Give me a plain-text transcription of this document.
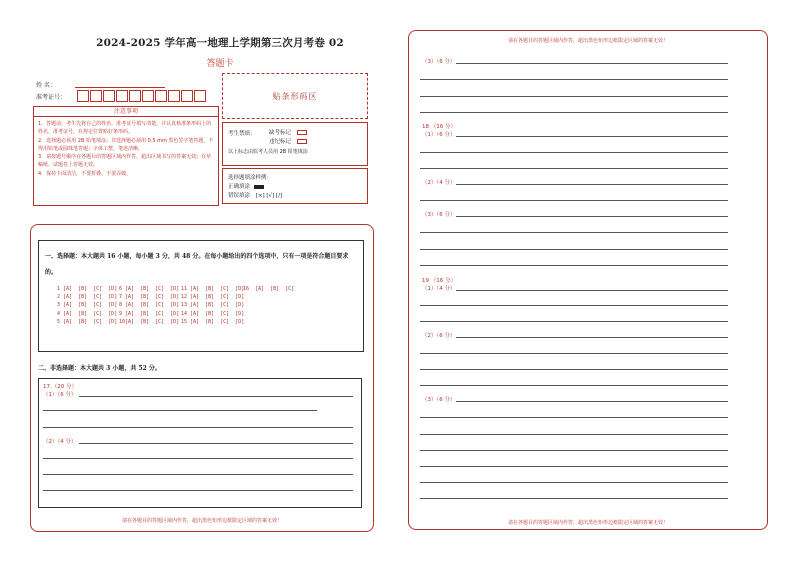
2024-2025 学年高一地理上学期第三次月考卷 02
答题卡
姓 名：
准考证号：	贴条形码区
注意事项
1．答题前，考生先将自己的姓名、准考证号填写清楚，并认真核准条形码上的姓名、准考证号，在规定位置贴好条形码。
2．选择题必须用 2B 铅笔填涂；非选择题必须用 0.5 mm 黑色签字笔答题，不得用铅笔或圆珠笔答题；字体工整、笔迹清晰。
3．请按题号顺序在各题目的答题区域内作答，超出区域书写的答案无效；在草稿纸、试题卷上答题无效。
4．保持卡面清洁，不要折叠、不要弄破。
考生禁填： 缺考标记
违纪标记
以上标志由监考人员用 2B 铅笔填涂
选择题填涂样例：
正确填涂
错误填涂 [×] [√] [/]
请在各题目的答题区域内作答，超出黑色矩形边框限定区域的答案无效！
一、选择题：本大题共 16 小题，每小题 3 分，共 48 分。在每小题给出的四个选项中，只有一项是符合题目要求的。
1 [A]  [B]  [C]  [D] 6 [A]  [B]  [C]  [D] 11 [A]  [B]  [C]  [D]
16  [A]  [B]  [C]
2 [A]  [B]  [C]  [D] 7 [A]  [B]  [C]  [D] 12 [A]  [B]  [C]  [D]
3 [A]  [B]  [C]  [D] 8 [A]  [B]  [C]  [D] 13 [A]  [B]  [C]  [D]
4 [A]  [B]  [C]  [D] 9 [A]  [B]  [C]  [D] 14 [A]  [B]  [C]  [D]
5 [A]  [B]  [C]  [D] 10[A]  [B]  [C]  [D] 15 [A]  [B]  [C]  [D]
二、非选择题：本大题共 3 小题，共 52 分。
17.（20 分）
（1）（6 分）
（2）（4 分）
请在各题目的答题区域内作答，超出黑色矩形边框限定区域的答案无效！
请在各题目的答题区域内作答，超出黑色矩形边框限定区域的答案无效！
（3）（6 分）
18 （16 分）
（1）（6 分）
（2）（4 分）
（3）（6 分）
19 （16 分）
（1）（4 分）
（2）（6 分）
（3）（6 分）
